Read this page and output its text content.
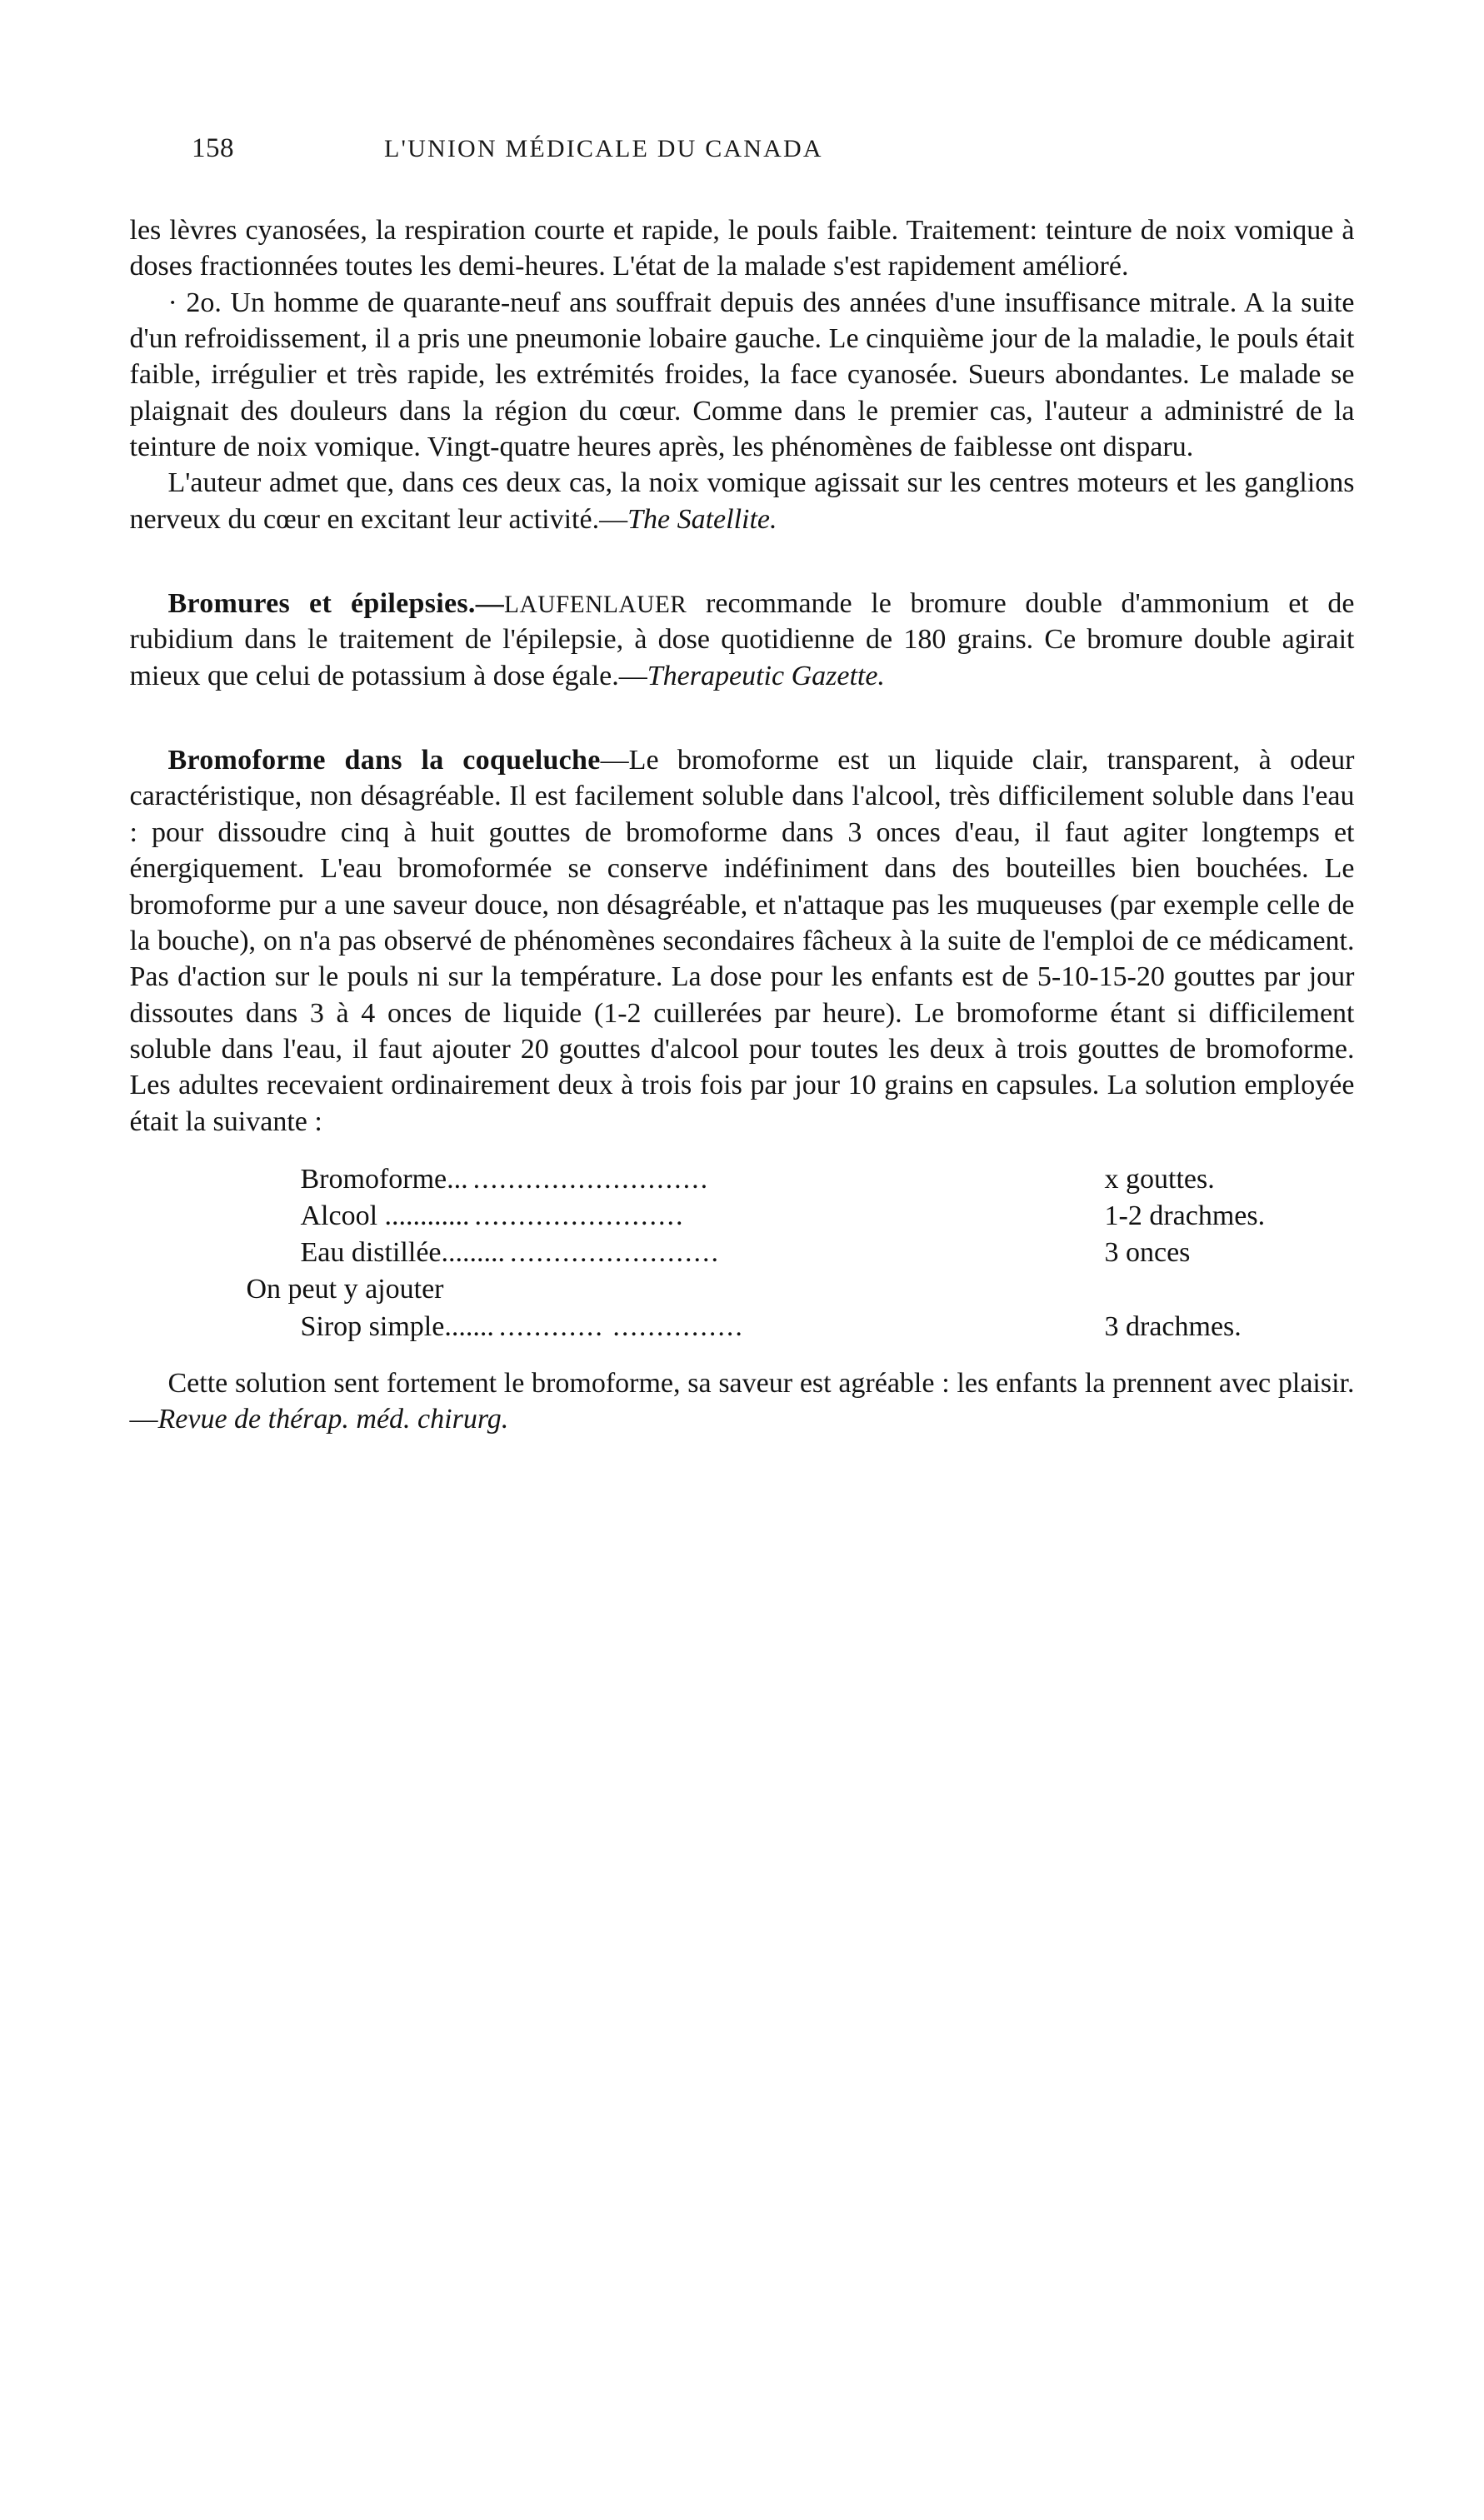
158	L'UNION MÉDICALE DU CANADA

les lèvres cyanosées, la respiration courte et rapide, le pouls faible. Traitement: teinture de noix vomique à doses fractionnées toutes les demi-heures. L'état de la malade s'est rapidement amélioré.

· 2o. Un homme de quarante-neuf ans souffrait depuis des années d'une insuffisance mitrale. A la suite d'un refroidissement, il a pris une pneumonie lobaire gauche. Le cinquième jour de la maladie, le pouls était faible, irrégulier et très rapide, les extrémités froides, la face cyanosée. Sueurs abondantes. Le malade se plaignait des douleurs dans la région du cœur. Comme dans le premier cas, l'auteur a administré de la teinture de noix vomique. Vingt-quatre heures après, les phénomènes de faiblesse ont disparu.

L'auteur admet que, dans ces deux cas, la noix vomique agissait sur les centres moteurs et les ganglions nerveux du cœur en excitant leur activité.—The Satellite.

Bromures et épilepsies.—LAUFENLAUER recommande le bromure double d'ammonium et de rubidium dans le traitement de l'épilepsie, à dose quotidienne de 180 grains. Ce bromure double agirait mieux que celui de potassium à dose égale.—Therapeutic Gazette.

Bromoforme dans la coqueluche—Le bromoforme est un liquide clair, transparent, à odeur caractéristique, non désagréable. Il est facilement soluble dans l'alcool, très difficilement soluble dans l'eau : pour dissoudre cinq à huit gouttes de bromoforme dans 3 onces d'eau, il faut agiter longtemps et énergiquement. L'eau bromoformée se conserve indéfiniment dans des bouteilles bien bouchées. Le bromoforme pur a une saveur douce, non désagréable, et n'attaque pas les muqueuses (par exemple celle de la bouche), on n'a pas observé de phénomènes secondaires fâcheux à la suite de l'emploi de ce médicament. Pas d'action sur le pouls ni sur la température. La dose pour les enfants est de 5-10-15-20 gouttes par jour dissoutes dans 3 à 4 onces de liquide (1-2 cuillerées par heure). Le bromoforme étant si difficilement soluble dans l'eau, il faut ajouter 20 gouttes d'alcool pour toutes les deux à trois gouttes de bromoforme. Les adultes recevaient ordinairement deux à trois fois par jour 10 grains en capsules. La solution employée était la suivante :

Bromoforme... ...........................	x gouttes.
Alcool ............ ........................	1-2 drachmes.
Eau distillée......... ........................	3 onces
On peut y ajouter
Sirop simple....... ............ ...............	3 drachmes.

Cette solution sent fortement le bromoforme, sa saveur est agréable : les enfants la prennent avec plaisir.—Revue de thérap. méd. chirurg.
